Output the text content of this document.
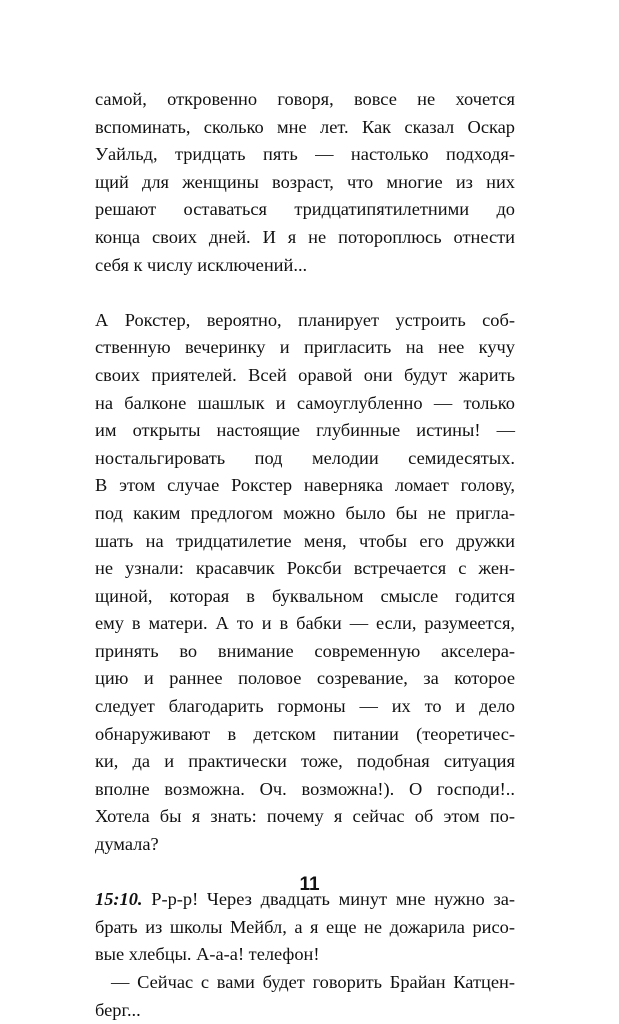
самой, откровенно говоря, вовсе не хочется
вспоминать, сколько мне лет. Как сказал Оскар
Уайльд, тридцать пять — настолько подходя-
щий для женщины возраст, что многие из них
решают оставаться тридцатипятилетними до
конца своих дней. И я не потороплюсь отнести
себя к числу исключений...
А Рокстер, вероятно, планирует устроить соб-
ственную вечеринку и пригласить на нее кучу
своих приятелей. Всей оравой они будут жарить
на балконе шашлык и самоуглубленно — только
им открыты настоящие глубинные истины! —
ностальгировать под мелодии семидесятых.
В этом случае Рокстер наверняка ломает голову,
под каким предлогом можно было бы не пригла-
шать на тридцатилетие меня, чтобы его дружки
не узнали: красавчик Роксби встречается с жен-
щиной, которая в буквальном смысле годится
ему в матери. А то и в бабки — если, разумеется,
принять во внимание современную акселера-
цию и раннее половое созревание, за которое
следует благодарить гормоны — их то и дело
обнаруживают в детском питании (теоретичес-
ки, да и практически тоже, подобная ситуация
вполне возможна. Оч. возможна!). О господи!..
Хотела бы я знать: почему я сейчас об этом по-
думала?
15:10. Р-р-р! Через двадцать минут мне нужно за-
брать из школы Мейбл, а я еще не дожарила рисо-
вые хлебцы. А-а-а! телефон!
— Сейчас с вами будет говорить Брайан Катцен-
берг...
11
